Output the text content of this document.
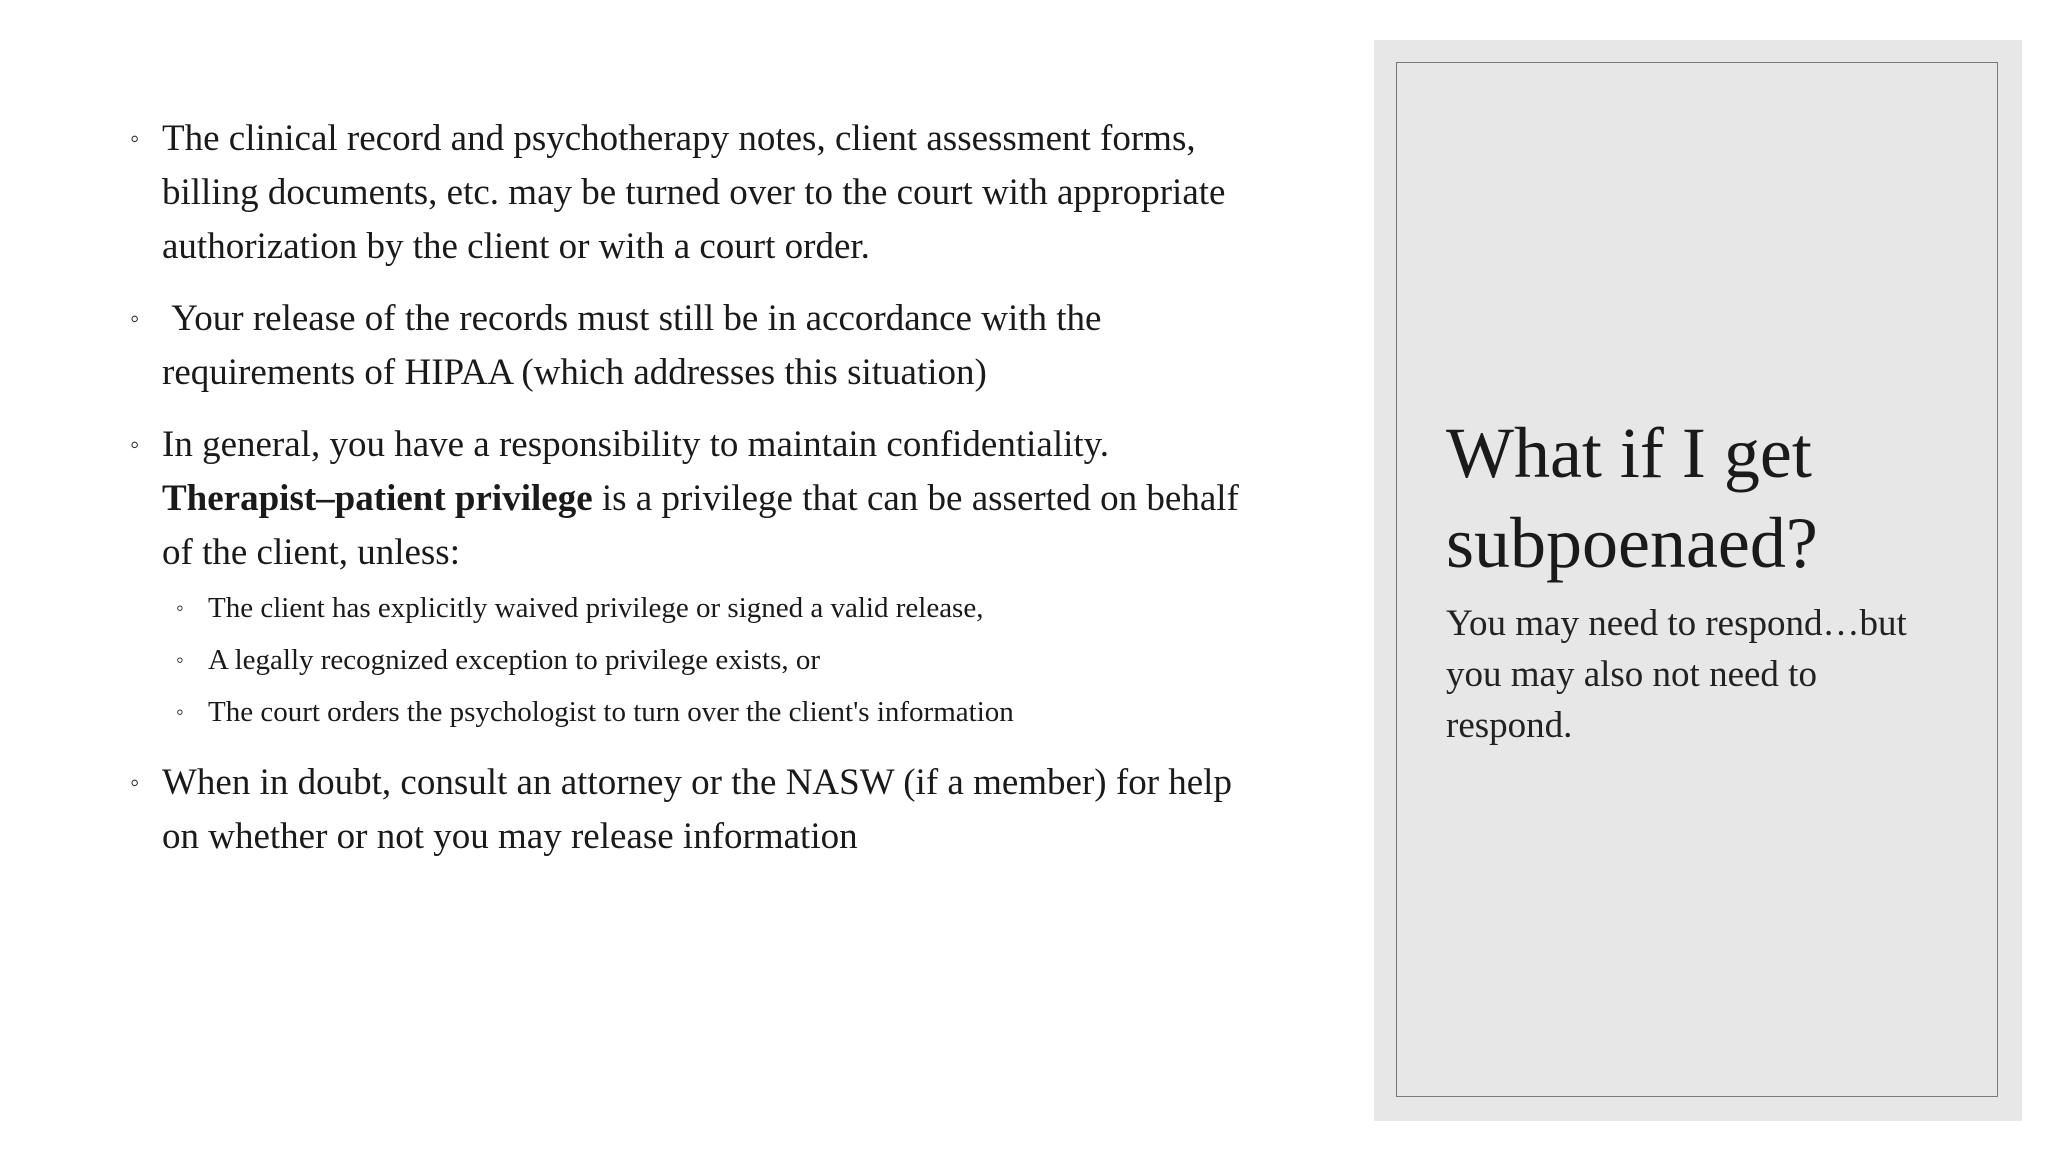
◦ The clinical record and psychotherapy notes, client assessment forms, billing documents, etc. may be turned over to the court with appropriate authorization by the client or with a court order.
◦ Your release of the records must still be in accordance with the requirements of HIPAA (which addresses this situation)
◦ In general, you have a responsibility to maintain confidentiality. Therapist–patient privilege is a privilege that can be asserted on behalf of the client, unless:
◦ The client has explicitly waived privilege or signed a valid release,
◦ A legally recognized exception to privilege exists, or
◦ The court orders the psychologist to turn over the client's information
◦ When in doubt, consult an attorney or the NASW (if a member) for help on whether or not you may release information
What if I get subpoenaed?

You may need to respond…but you may also not need to respond.
